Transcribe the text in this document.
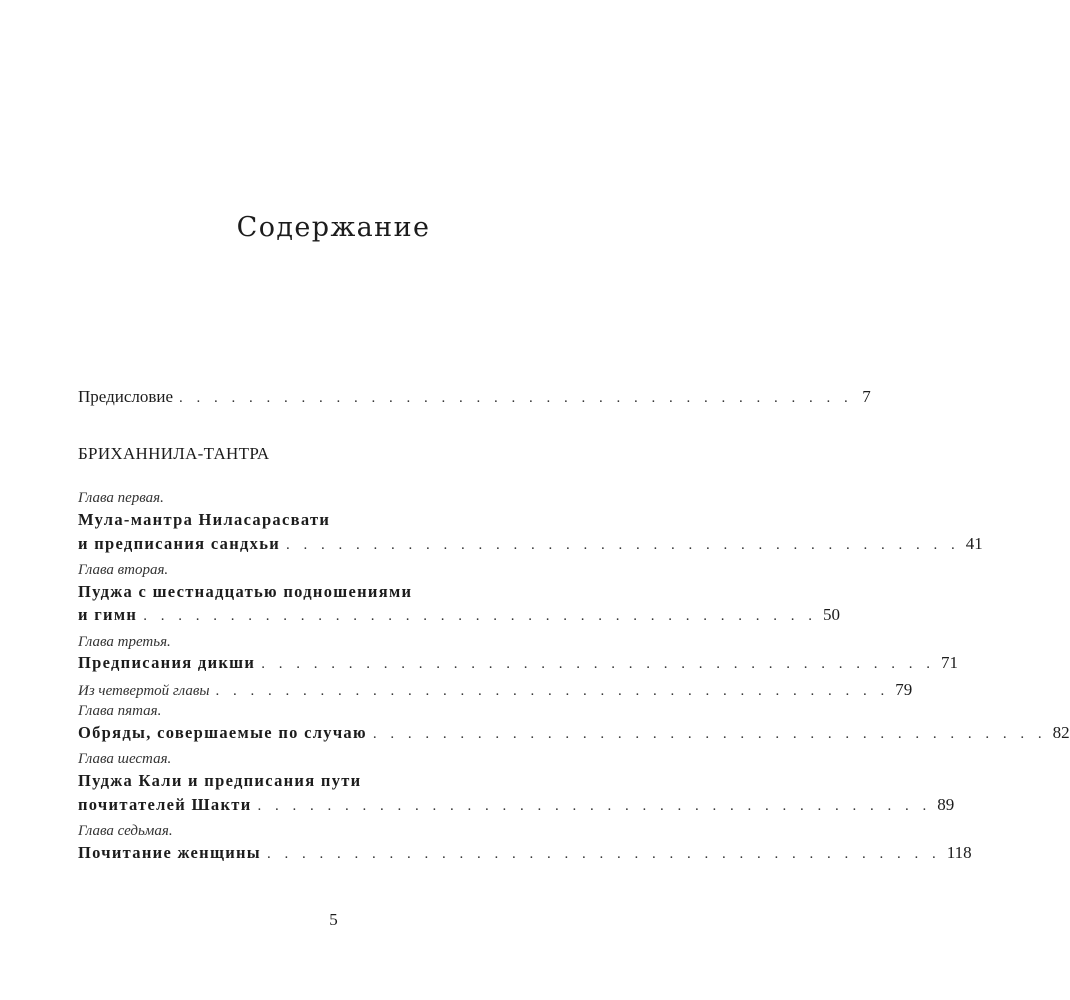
Содержание
Предисловие . . . . . . . . . . . . . . . . . . . . . . . . . . . . . . . . . . . . . . . 7
БРИХАННИЛА-ТАНТРА
Глава первая.
Мула-мантра Ниласарасвати
и предписания сандхьи . . . . . . . . . . . . . . . . . . . . . . . . . . . . . . . . . . . . . . . 41
Глава вторая.
Пуджа с шестнадцатью подношениями
и гимн . . . . . . . . . . . . . . . . . . . . . . . . . . . . . . . . . . . . . . . 50
Глава третья.
Предписания дикши . . . . . . . . . . . . . . . . . . . . . . . . . . . . . . . . . . . . . . . 71
Из четвертой главы . . . . . . . . . . . . . . . . . . . . . . . . . . . . . . . . . . . . . . . 79
Глава пятая.
Обряды, совершаемые по случаю . . . . . . . . . . . . . . . . . . . . . . . . . . . . . . . . . . . . . . . 82
Глава шестая.
Пуджа Кали и предписания пути
почитателей Шакти . . . . . . . . . . . . . . . . . . . . . . . . . . . . . . . . . . . . . . . 89
Глава седьмая.
Почитание женщины . . . . . . . . . . . . . . . . . . . . . . . . . . . . . . . . . . . . . . . 118
5
